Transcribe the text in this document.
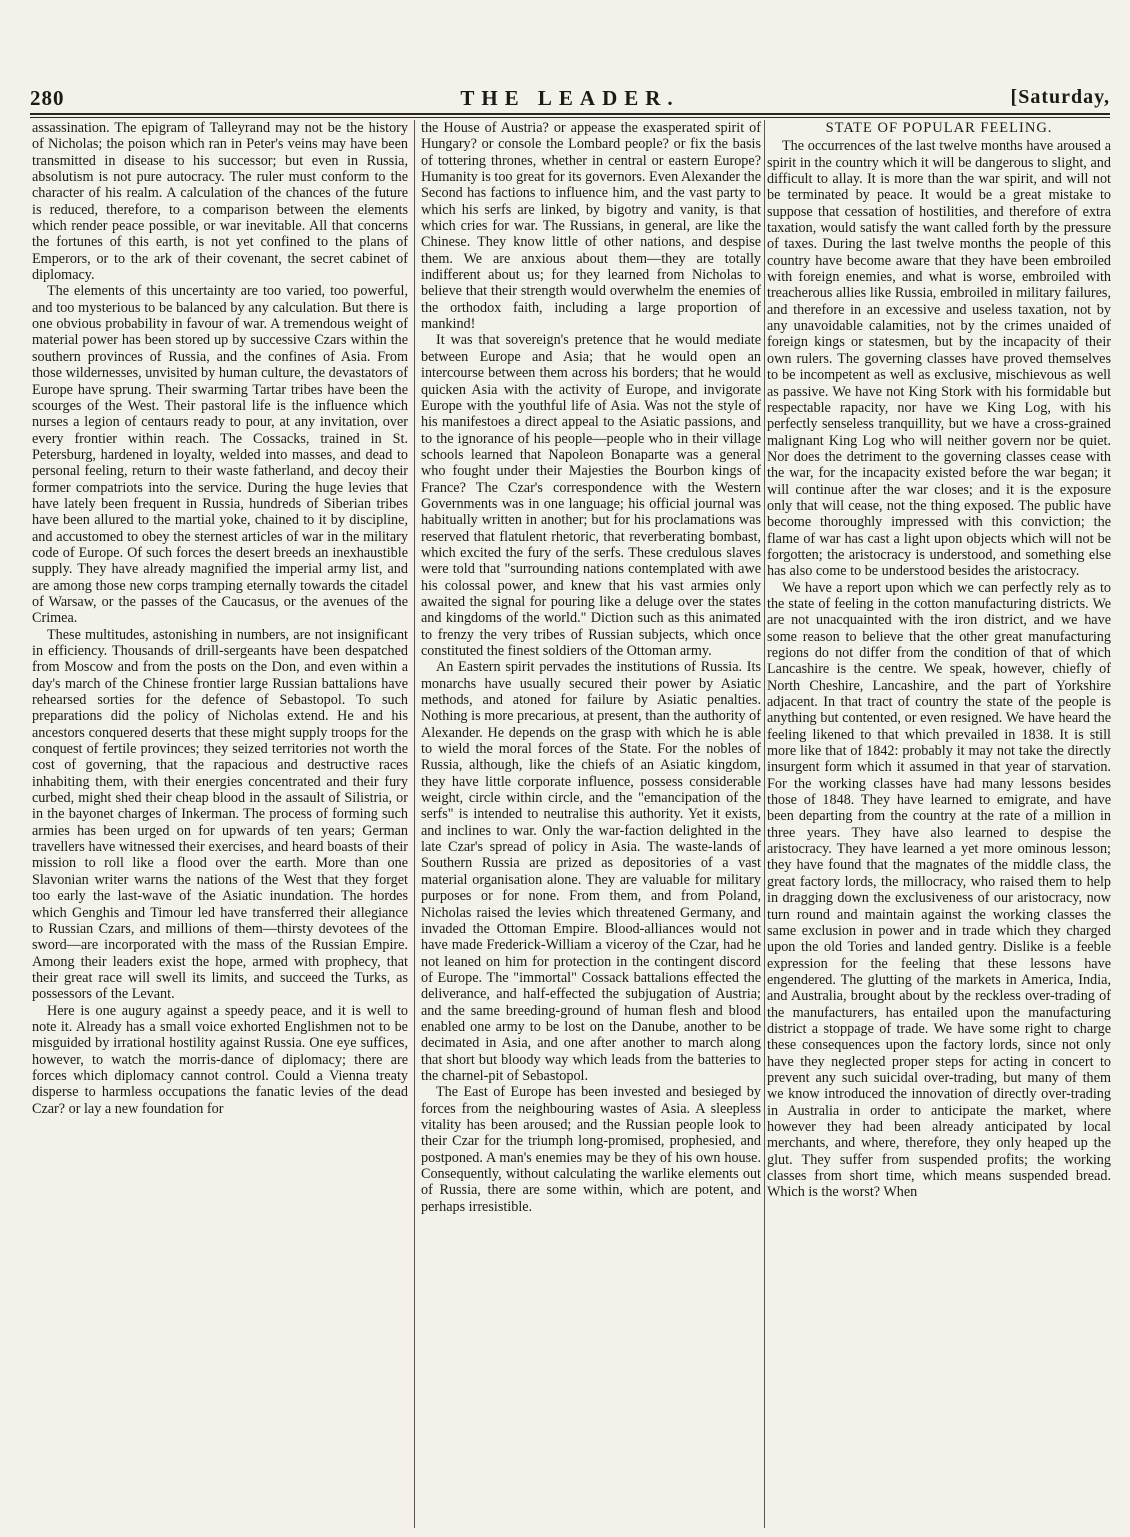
280	THE LEADER.	[Saturday,

assassination. The epigram of Talleyrand may not be the history of Nicholas; the poison which ran in Peter's veins may have been transmitted in disease to his successor; but even in Russia, absolutism is not pure autocracy. The ruler must conform to the character of his realm. A calculation of the chances of the future is reduced, therefore, to a comparison between the elements which render peace possible, or war inevitable. All that concerns the fortunes of this earth, is not yet confined to the plans of Emperors, or to the ark of their covenant, the secret cabinet of diplomacy.

The elements of this uncertainty are too varied, too powerful, and too mysterious to be balanced by any calculation. But there is one obvious probability in favour of war. A tremendous weight of material power has been stored up by successive Czars within the southern provinces of Russia, and the confines of Asia. From those wildernesses, unvisited by human culture, the devastators of Europe have sprung. Their swarming Tartar tribes have been the scourges of the West. Their pastoral life is the influence which nurses a legion of centaurs ready to pour, at any invitation, over every frontier within reach. The Cossacks, trained in St. Petersburg, hardened in loyalty, welded into masses, and dead to personal feeling, return to their waste fatherland, and decoy their former compatriots into the service. During the huge levies that have lately been frequent in Russia, hundreds of Siberian tribes have been allured to the martial yoke, chained to it by discipline, and accustomed to obey the sternest articles of war in the military code of Europe. Of such forces the desert breeds an inexhaustible supply. They have already magnified the imperial army list, and are among those new corps tramping eternally towards the citadel of Warsaw, or the passes of the Caucasus, or the avenues of the Crimea.

These multitudes, astonishing in numbers, are not insignificant in efficiency. Thousands of drill-sergeants have been despatched from Moscow and from the posts on the Don, and even within a day's march of the Chinese frontier large Russian battalions have rehearsed sorties for the defence of Sebastopol. To such preparations did the policy of Nicholas extend. He and his ancestors conquered deserts that these might supply troops for the conquest of fertile provinces; they seized territories not worth the cost of governing, that the rapacious and destructive races inhabiting them, with their energies concentrated and their fury curbed, might shed their cheap blood in the assault of Silistria, or in the bayonet charges of Inkerman. The process of forming such armies has been urged on for upwards of ten years; German travellers have witnessed their exercises, and heard boasts of their mission to roll like a flood over the earth. More than one Slavonian writer warns the nations of the West that they forget too early the last-wave of the Asiatic inundation. The hordes which Genghis and Timour led have transferred their allegiance to Russian Czars, and millions of them—thirsty devotees of the sword—are incorporated with the mass of the Russian Empire. Among their leaders exist the hope, armed with prophecy, that their great race will swell its limits, and succeed the Turks, as possessors of the Levant.

Here is one augury against a speedy peace, and it is well to note it. Already has a small voice exhorted Englishmen not to be misguided by irrational hostility against Russia. One eye suffices, however, to watch the morris-dance of diplomacy; there are forces which diplomacy cannot control. Could a Vienna treaty disperse to harmless occupations the fanatic levies of the dead Czar? or lay a new foundation for

the House of Austria? or appease the exasperated spirit of Hungary? or console the Lombard people? or fix the basis of tottering thrones, whether in central or eastern Europe? Humanity is too great for its governors. Even Alexander the Second has factions to influence him, and the vast party to which his serfs are linked, by bigotry and vanity, is that which cries for war. The Russians, in general, are like the Chinese. They know little of other nations, and despise them. We are anxious about them—they are totally indifferent about us; for they learned from Nicholas to believe that their strength would overwhelm the enemies of the orthodox faith, including a large proportion of mankind!

It was that sovereign's pretence that he would mediate between Europe and Asia; that he would open an intercourse between them across his borders; that he would quicken Asia with the activity of Europe, and invigorate Europe with the youthful life of Asia. Was not the style of his manifestoes a direct appeal to the Asiatic passions, and to the ignorance of his people—people who in their village schools learned that Napoleon Bonaparte was a general who fought under their Majesties the Bourbon kings of France? The Czar's correspondence with the Western Governments was in one language; his official journal was habitually written in another; but for his proclamations was reserved that flatulent rhetoric, that reverberating bombast, which excited the fury of the serfs. These credulous slaves were told that "surrounding nations contemplated with awe his colossal power, and knew that his vast armies only awaited the signal for pouring like a deluge over the states and kingdoms of the world." Diction such as this animated to frenzy the very tribes of Russian subjects, which once constituted the finest soldiers of the Ottoman army.

An Eastern spirit pervades the institutions of Russia. Its monarchs have usually secured their power by Asiatic methods, and atoned for failure by Asiatic penalties. Nothing is more precarious, at present, than the authority of Alexander. He depends on the grasp with which he is able to wield the moral forces of the State. For the nobles of Russia, although, like the chiefs of an Asiatic kingdom, they have little corporate influence, possess considerable weight, circle within circle, and the "emancipation of the serfs" is intended to neutralise this authority. Yet it exists, and inclines to war. Only the war-faction delighted in the late Czar's spread of policy in Asia. The waste-lands of Southern Russia are prized as depositories of a vast material organisation alone. They are valuable for military purposes or for none. From them, and from Poland, Nicholas raised the levies which threatened Germany, and invaded the Ottoman Empire. Blood-alliances would not have made Frederick-William a viceroy of the Czar, had he not leaned on him for protection in the contingent discord of Europe. The "immortal" Cossack battalions effected the deliverance, and half-effected the subjugation of Austria; and the same breeding-ground of human flesh and blood enabled one army to be lost on the Danube, another to be decimated in Asia, and one after another to march along that short but bloody way which leads from the batteries to the charnel-pit of Sebastopol.

The East of Europe has been invested and besieged by forces from the neighbouring wastes of Asia. A sleepless vitality has been aroused; and the Russian people look to their Czar for the triumph long-promised, prophesied, and postponed. A man's enemies may be they of his own house. Consequently, without calculating the warlike elements out of Russia, there are some within, which are potent, and perhaps irresistible.

STATE OF POPULAR FEELING.

The occurrences of the last twelve months have aroused a spirit in the country which it will be dangerous to slight, and difficult to allay. It is more than the war spirit, and will not be terminated by peace. It would be a great mistake to suppose that cessation of hostilities, and therefore of extra taxation, would satisfy the want called forth by the pressure of taxes. During the last twelve months the people of this country have become aware that they have been embroiled with foreign enemies, and what is worse, embroiled with treacherous allies like Russia, embroiled in military failures, and therefore in an excessive and useless taxation, not by any unavoidable calamities, not by the crimes unaided of foreign kings or statesmen, but by the incapacity of their own rulers. The governing classes have proved themselves to be incompetent as well as exclusive, mischievous as well as passive. We have not King Stork with his formidable but respectable rapacity, nor have we King Log, with his perfectly senseless tranquillity, but we have a cross-grained malignant King Log who will neither govern nor be quiet. Nor does the detriment to the governing classes cease with the war, for the incapacity existed before the war began; it will continue after the war closes; and it is the exposure only that will cease, not the thing exposed. The public have become thoroughly impressed with this conviction; the flame of war has cast a light upon objects which will not be forgotten; the aristocracy is understood, and something else has also come to be understood besides the aristocracy.

We have a report upon which we can perfectly rely as to the state of feeling in the cotton manufacturing districts. We are not unacquainted with the iron district, and we have some reason to believe that the other great manufacturing regions do not differ from the condition of that of which Lancashire is the centre. We speak, however, chiefly of North Cheshire, Lancashire, and the part of Yorkshire adjacent. In that tract of country the state of the people is anything but contented, or even resigned. We have heard the feeling likened to that which prevailed in 1838. It is still more like that of 1842: probably it may not take the directly insurgent form which it assumed in that year of starvation. For the working classes have had many lessons besides those of 1848. They have learned to emigrate, and have been departing from the country at the rate of a million in three years. They have also learned to despise the aristocracy. They have learned a yet more ominous lesson; they have found that the magnates of the middle class, the great factory lords, the millocracy, who raised them to help in dragging down the exclusiveness of our aristocracy, now turn round and maintain against the working classes the same exclusion in power and in trade which they charged upon the old Tories and landed gentry. Dislike is a feeble expression for the feeling that these lessons have engendered. The glutting of the markets in America, India, and Australia, brought about by the reckless over-trading of the manufacturers, has entailed upon the manufacturing district a stoppage of trade. We have some right to charge these consequences upon the factory lords, since not only have they neglected proper steps for acting in concert to prevent any such suicidal over-trading, but many of them we know introduced the innovation of directly over-trading in Australia in order to anticipate the market, where however they had been already anticipated by local merchants, and where, therefore, they only heaped up the glut. They suffer from suspended profits; the working classes from short time, which means suspended bread. Which is the worst? When
